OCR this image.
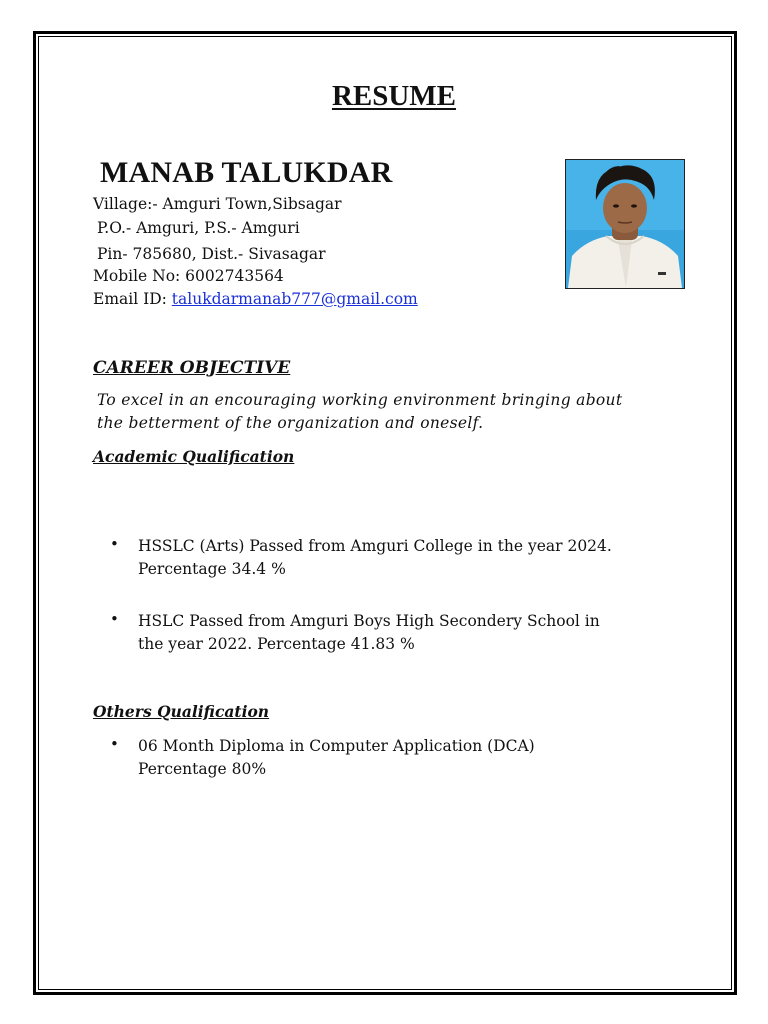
RESUME
MANAB TALUKDAR
Village:- Amguri Town,Sibsagar
P.O.- Amguri, P.S.- Amguri
Pin- 785680, Dist.- Sivasagar
Mobile No: 6002743564
Email ID: talukdarmanab777@gmail.com
CAREER OBJECTIVE
To excel in an encouraging working environment bringing about
the betterment of the organization and oneself.
Academic Qualification
• HSSLC (Arts) Passed from Amguri College in the year 2024.
Percentage 34.4 %
• HSLC Passed from Amguri Boys High Secondery School in
the year 2022. Percentage 41.83 %
Others Qualification
• 06 Month Diploma in Computer Application (DCA)
Percentage 80%
